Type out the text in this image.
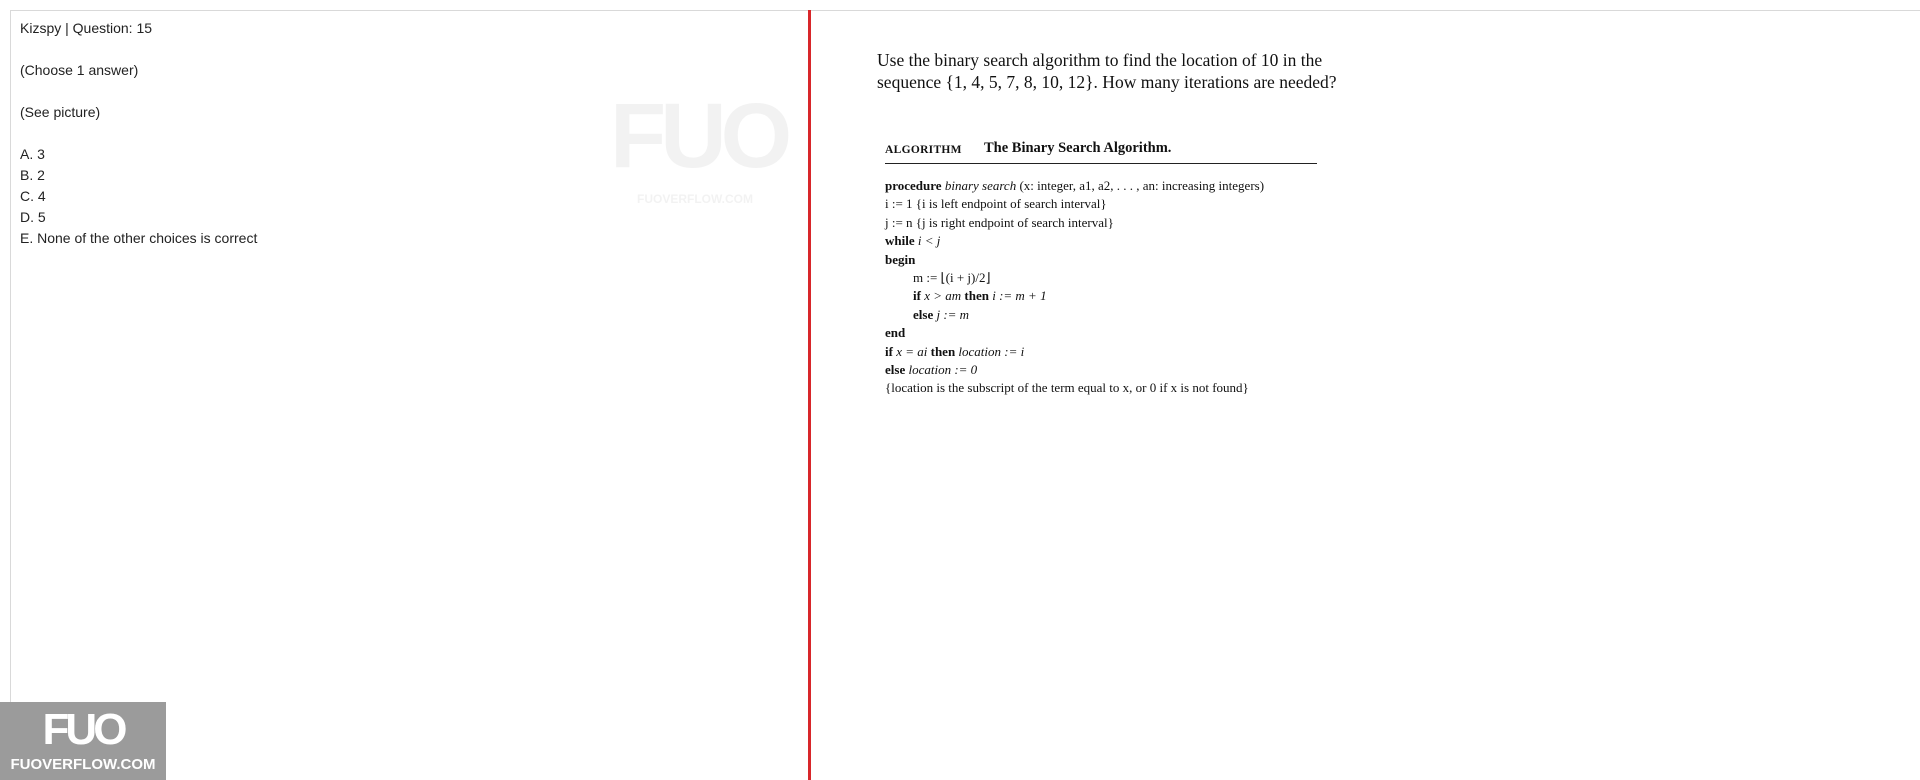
Kizspy | Question: 15
(Choose 1 answer)
(See picture)
A. 3
B. 2
C. 4
D. 5
E. None of the other choices is correct
FUO
FUOVERFLOW.COM
FUO
FUOVERFLOW.COM
Use the binary search algorithm to find the location of 10 in the sequence {1, 4, 5, 7, 8, 10, 12}. How many iterations are needed?
ALGORITHM The Binary Search Algorithm.
procedure binary search (x: integer, a1, a2, . . . , an: increasing integers)
i := 1 {i is left endpoint of search interval}
j := n {j is right endpoint of search interval}
while i < j
begin
m := ⌊(i + j)/2⌋
if x > am then i := m + 1
else j := m
end
if x = ai then location := i
else location := 0
{location is the subscript of the term equal to x, or 0 if x is not found}
